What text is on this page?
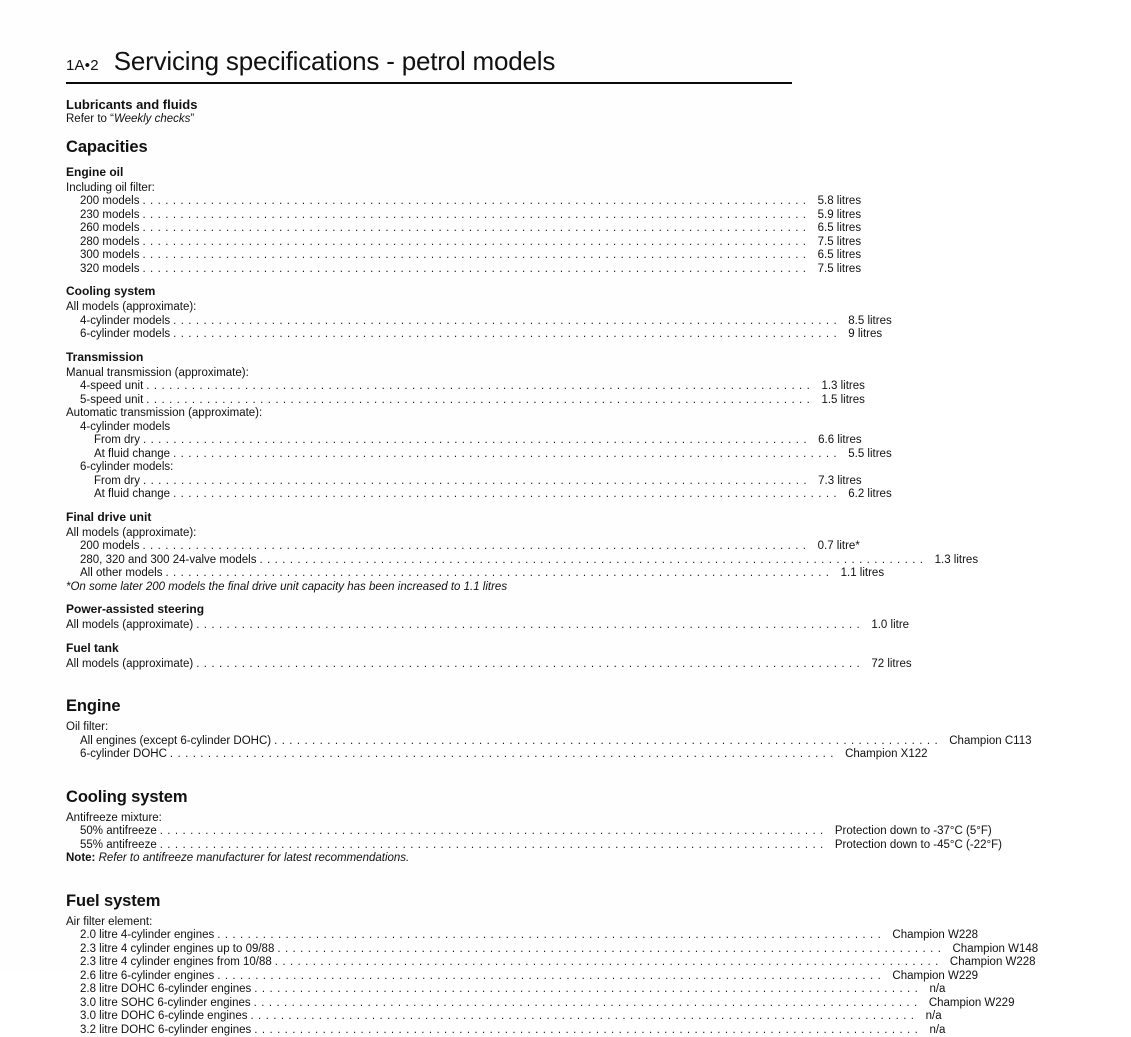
1A•2 Servicing specifications - petrol models
Lubricants and fluids
Refer to “Weekly checks”
Capacities
Engine oil
Including oil filter:
200 models . . .	5.8 litres
230 models . . .	5.9 litres
260 models . . .	6.5 litres
280 models . . .	7.5 litres
300 models . . .	6.5 litres
320 models . . .	7.5 litres
Cooling system
All models (approximate):
4-cylinder models . . .	8.5 litres
6-cylinder models . . .	9 litres
Transmission
Manual transmission (approximate):
4-speed unit . . .	1.3 litres
5-speed unit . . .	1.5 litres
Automatic transmission (approximate):
4-cylinder models
From dry . . .	6.6 litres
At fluid change . . .	5.5 litres
6-cylinder models:
From dry . . .	7.3 litres
At fluid change . . .	6.2 litres
Final drive unit
All models (approximate):
200 models . . .	0.7 litre*
280, 320 and 300 24-valve models . . .	1.3 litres
All other models . . .	1.1 litres
*On some later 200 models the final drive unit capacity has been increased to 1.1 litres
Power-assisted steering
All models (approximate) . . .	1.0 litre
Fuel tank
All models (approximate) . . .	72 litres
Engine
Oil filter:
All engines (except 6-cylinder DOHC) . . .	Champion C113
6-cylinder DOHC . . .	Champion X122
Cooling system
Antifreeze mixture:
50% antifreeze . . .	Protection down to -37°C (5°F)
55% antifreeze . . .	Protection down to -45°C (-22°F)
Note: Refer to antifreeze manufacturer for latest recommendations.
Fuel system
Air filter element:
2.0 litre 4-cylinder engines . . .	Champion W228
2.3 litre 4 cylinder engines up to 09/88 . . .	Champion W148
2.3 litre 4 cylinder engines from 10/88 . . .	Champion W228
2.6 litre 6-cylinder engines . . .	Champion W229
2.8 litre DOHC 6-cylinder engines . . .	n/a
3.0 litre SOHC 6-cylinder engines . . .	Champion W229
3.0 litre DOHC 6-cylinde engines . . .	n/a
3.2 litre DOHC 6-cylinder engines . . .	n/a
